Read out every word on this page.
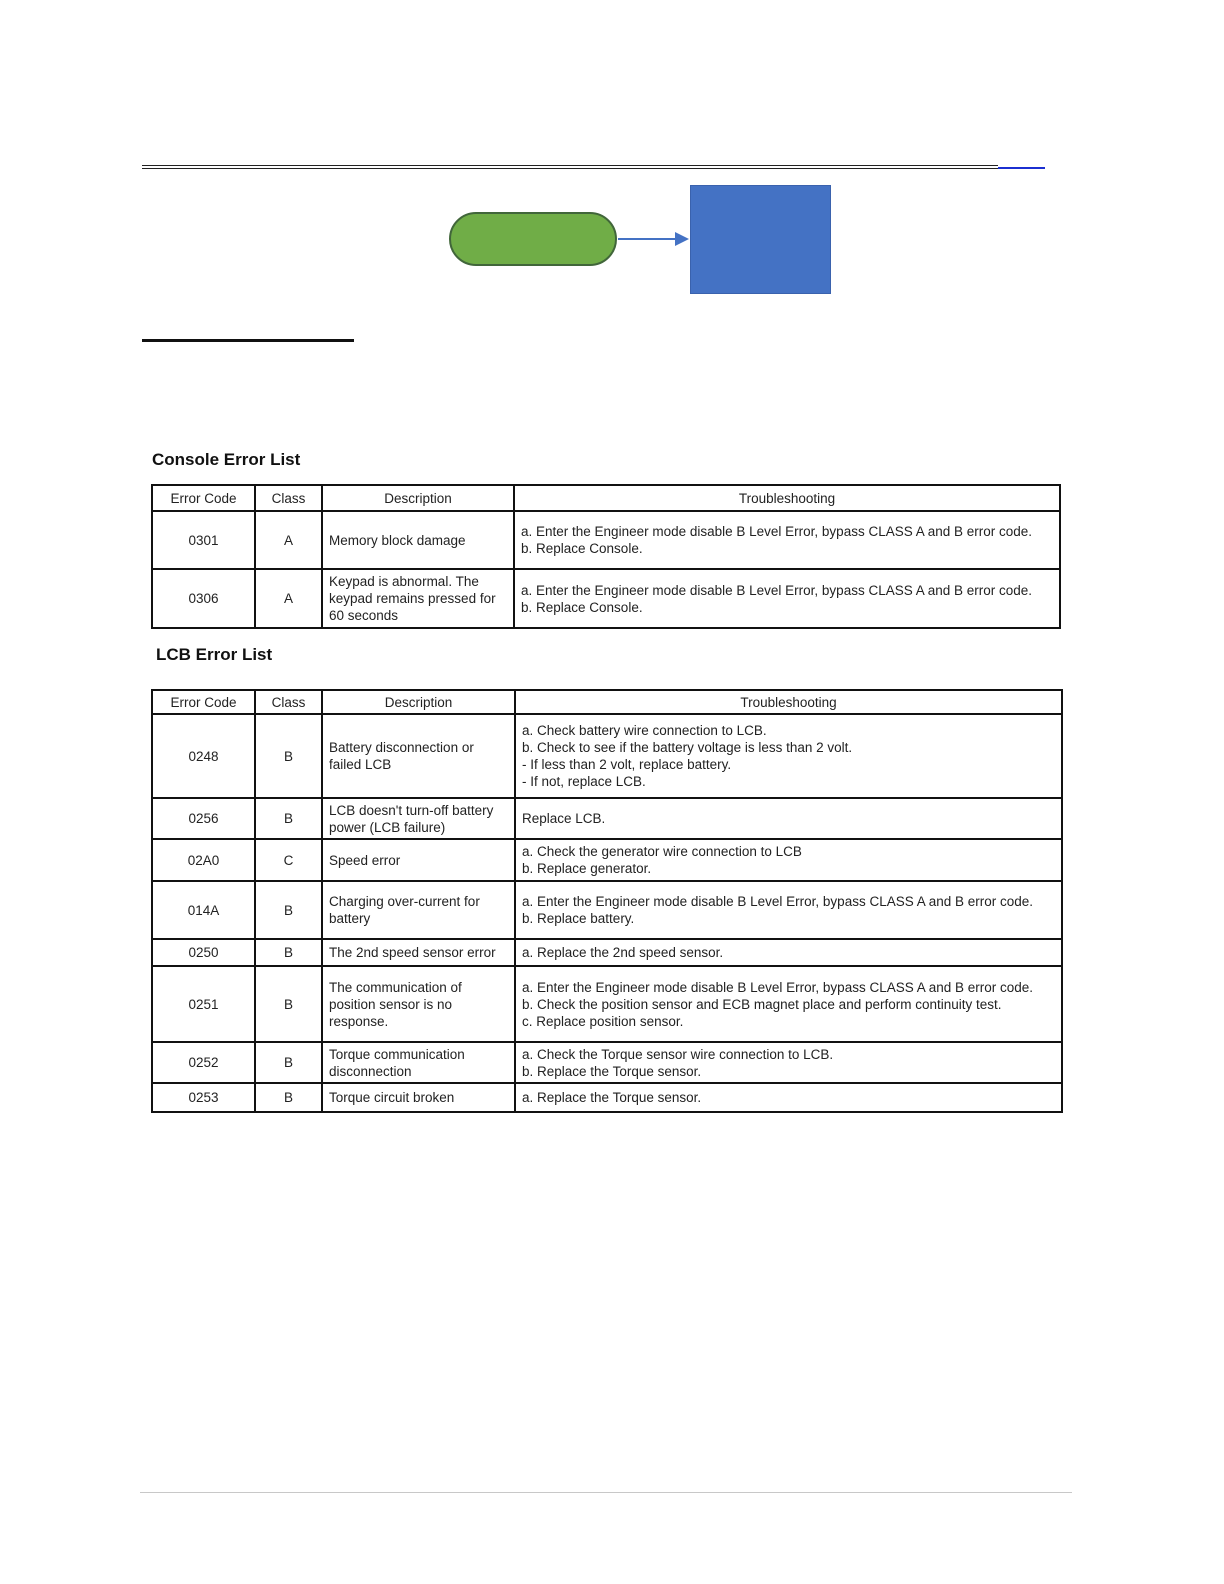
Console Error List
Error Code	Class	Description	Troubleshooting
0301	A	Memory block damage	a. Enter the Engineer mode disable B Level Error, bypass CLASS A and B error code.
b. Replace Console.

0306	A	Keypad is abnormal. The keypad remains pressed for 60 seconds	a. Enter the Engineer mode disable B Level Error, bypass CLASS A and B error code.
b. Replace Console.
LCB Error List
Error Code	Class	Description	Troubleshooting
0248	B	Battery disconnection or failed LCB	a. Check battery wire connection to LCB.
b. Check to see if the battery voltage is less than 2 volt.
- If less than 2 volt, replace battery.
- If not, replace LCB.

0256	B	LCB doesn't turn-off battery power (LCB failure)	Replace LCB.

02A0	C	Speed error	a. Check the generator wire connection to LCB
b. Replace generator.

014A	B	Charging over-current for battery	a. Enter the Engineer mode disable B Level Error, bypass CLASS A and B error code.
b. Replace battery.

0250	B	The 2nd speed sensor error	a. Replace the 2nd speed sensor.

0251	B	The communication of position sensor is no response.	a. Enter the Engineer mode disable B Level Error, bypass CLASS A and B error code.
b. Check the position sensor and ECB magnet place and perform continuity test.
c. Replace position sensor.

0252	B	Torque communication disconnection	a. Check the Torque sensor wire connection to LCB.
b. Replace the Torque sensor.

0253	B	Torque circuit broken	a. Replace the Torque sensor.
